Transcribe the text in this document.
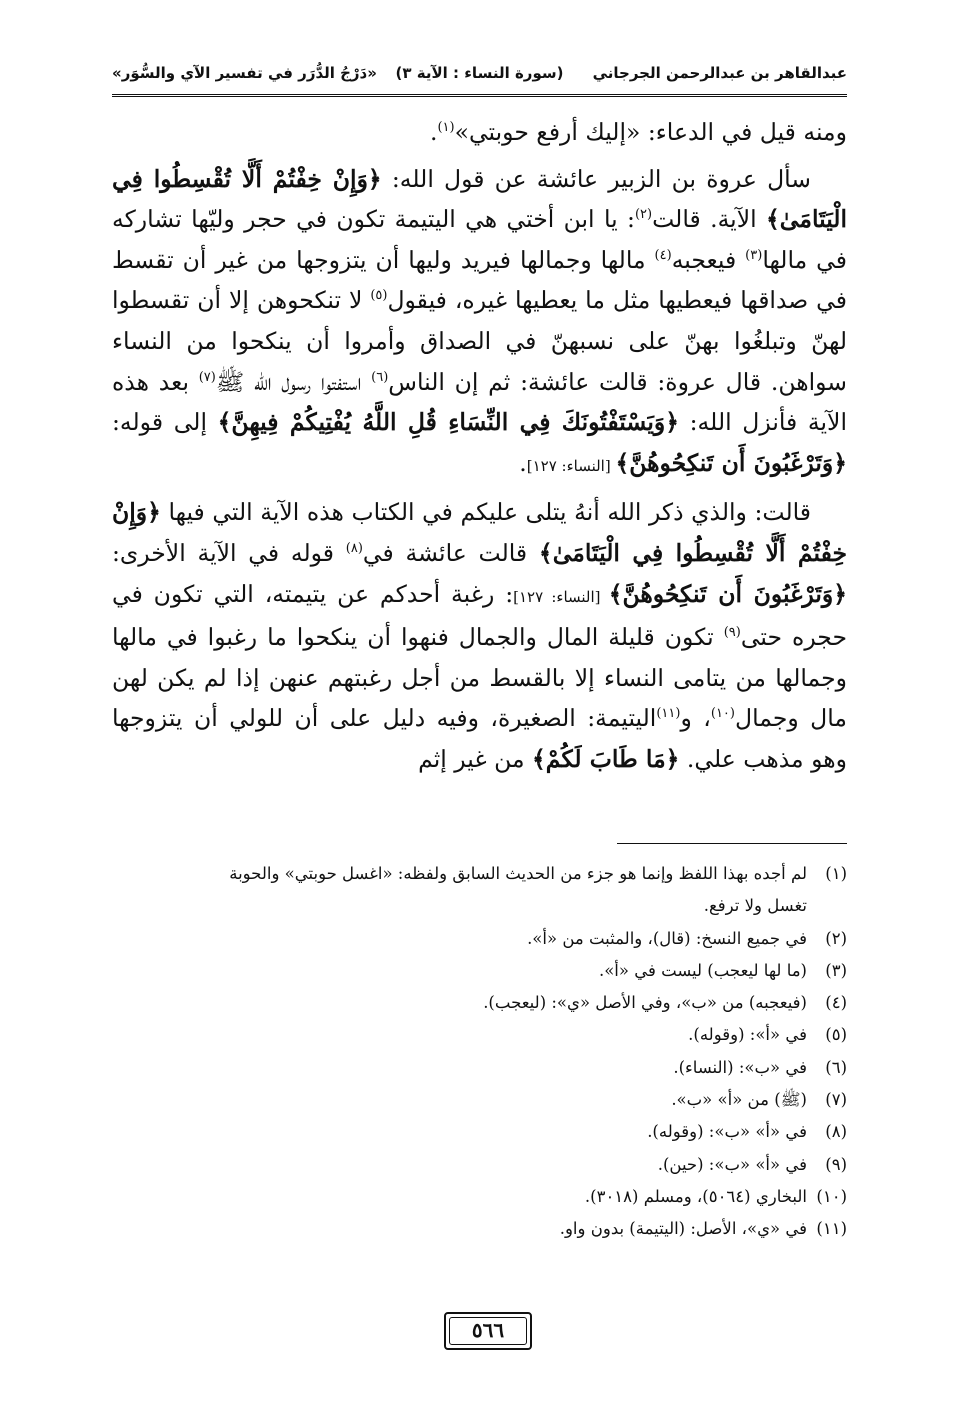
عبدالقاهر بن عبدالرحمن الجرجاني
(سورة النساء : الآية ٣)
«دَرْجُ الدُّرَر في تفسير الآي والسُّوَر»

ومنه قيل في الدعاء: «إليك أرفع حوبتي»$^{(١)}$.

سأل عروة بن الزبير عائشة عن قول الله: ﴿وَإِنْ خِفْتُمْ أَلَّا تُقْسِطُوا فِي الْيَتَامَىٰ﴾ الآية. قالت$^{(٢)}$: يا ابن أختي هي اليتيمة تكون في حجر وليّها تشاركه في مالها$^{(٣)}$ فيعجبه$^{(٤)}$ مالها وجمالها فيريد وليها أن يتزوجها من غير أن تقسط في صداقها فيعطيها مثل ما يعطيها غيره، فيقول$^{(٥)}$ لا تنكحوهن إلا أن تقسطوا لهنّ وتبلغُوا بهنّ على نسبهنّ في الصداق وأمروا أن ينكحوا من النساء سواهن. قال عروة: قالت عائشة: ثم إن الناس$^{(٦)}$ استفتوا رسول الله ﷺ$^{(٧)}$ بعد هذه الآية فأنزل الله: ﴿وَيَسْتَفْتُونَكَ فِي النِّسَاءِ قُلِ اللَّهُ يُفْتِيكُمْ فِيهِنَّ﴾ إلى قوله: ﴿وَتَرْغَبُونَ أَن تَنكِحُوهُنَّ﴾ [النساء: ١٢٧].

قالت: والذي ذكر الله أنهُ يتلى عليكم في الكتاب هذه الآية التي فيها ﴿وَإِنْ خِفْتُمْ أَلَّا تُقْسِطُوا فِي الْيَتَامَىٰ﴾ قالت عائشة في$^{(٨)}$ قوله في الآية الأخرى: ﴿وَتَرْغَبُونَ أَن تَنكِحُوهُنَّ﴾ [النساء: ١٢٧]: رغبة أحدكم عن يتيمته، التي تكون في حجره حتى$^{(٩)}$ تكون قليلة المال والجمال فنهوا أن ينكحوا ما رغبوا في مالها وجمالها من يتامى النساء إلا بالقسط من أجل رغبتهم عنهن إذا لم يكن لهن مال وجمال$^{(١٠)}$، و$^{(١١)}$اليتيمة: الصغيرة، وفيه دليل على أن للولي أن يتزوجها وهو مذهب علي. ﴿مَا طَابَ لَكُمْ﴾ من غير إثم

(١)لم أجده بهذا اللفظ وإنما هو جزء من الحديث السابق ولفظه: «اغسل حوبتي» والحوبة
تغسل ولا ترفع.
(٢)في جميع النسخ: (قال)، والمثبت من «أ».
(٣)(ما لها ليعجب) ليست في «أ».
(٤)(فيعجبه) من «ب»، وفي الأصل «ي»: (ليعجب).
(٥)في «أ»: (وقوله).
(٦)في «ب»: (النساء).
(٧)(ﷺ) من «أ» «ب».
(٨)في «أ» «ب»: (وقوله).
(٩)في «أ» «ب»: (حين).
(١٠)البخاري (٥٠٦٤)، ومسلم (٣٠١٨).
(١١)في «ي»، الأصل: (اليتيمة) بدون واو.
٥٦٦
